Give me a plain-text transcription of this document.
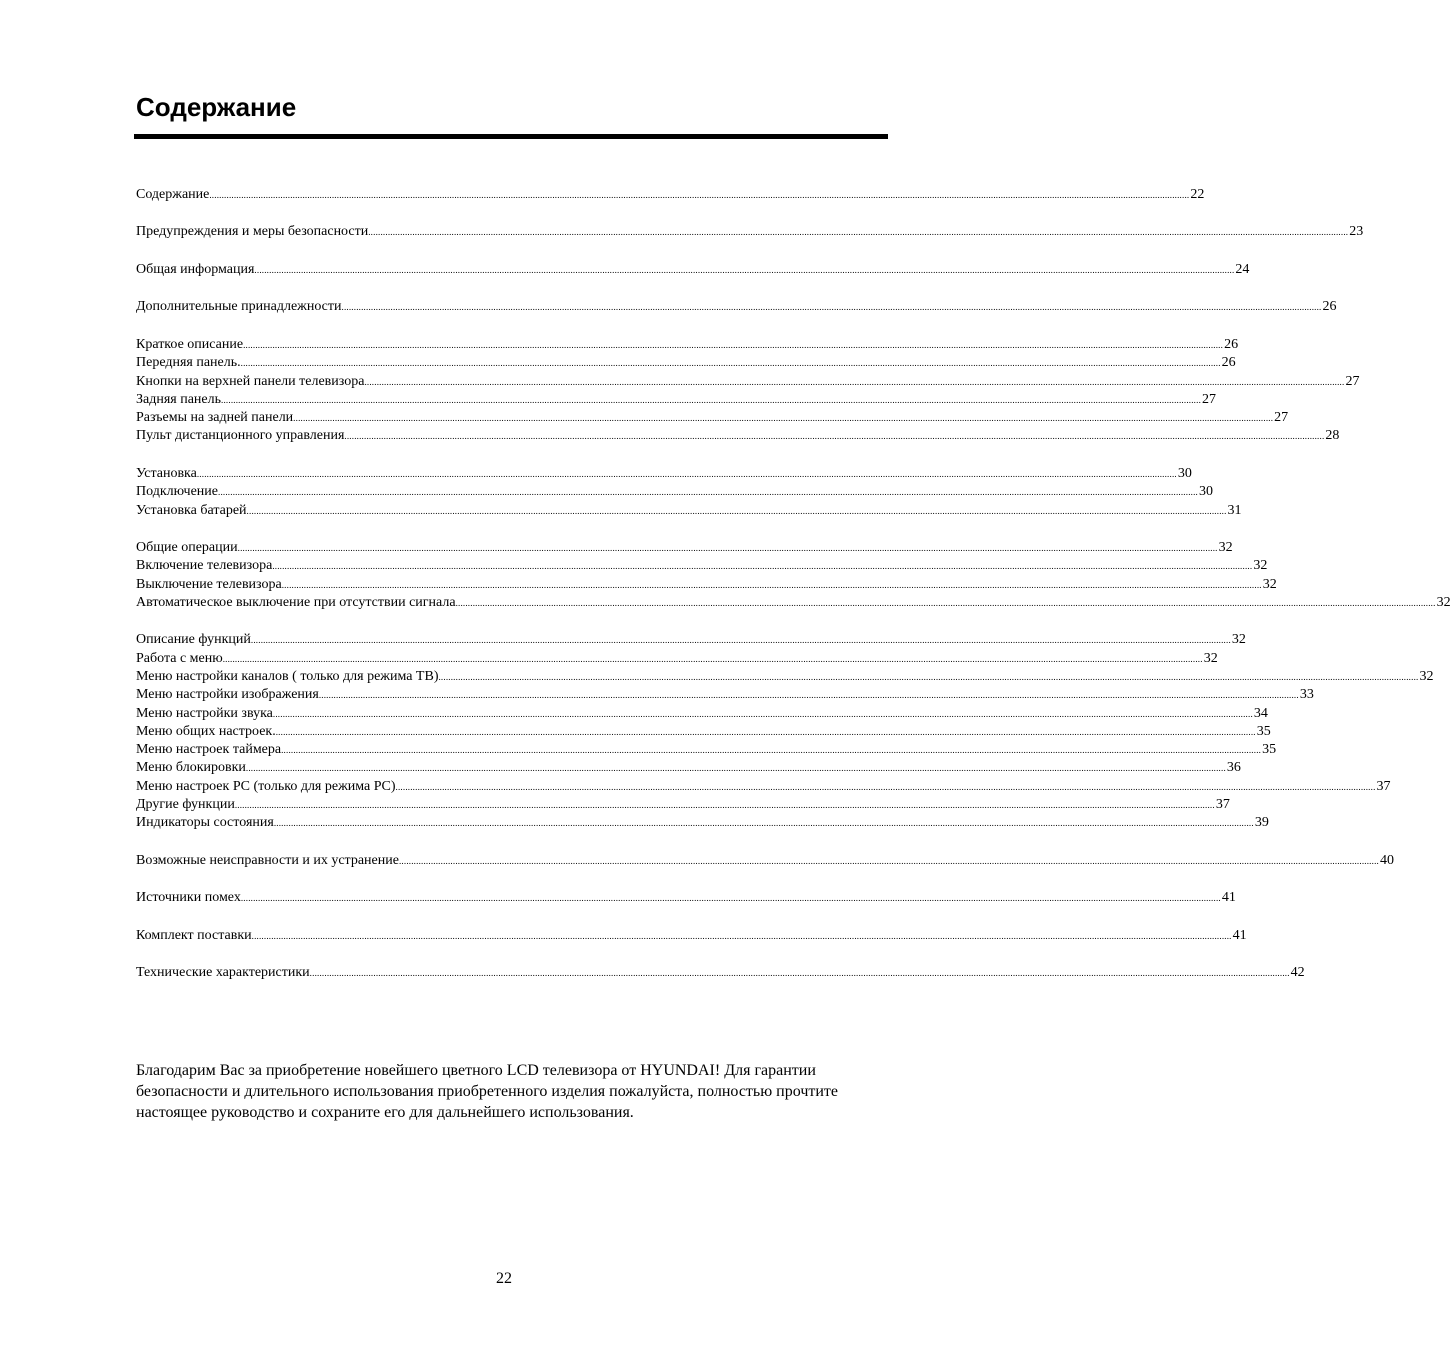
Содержание
Содержание ................................................................................................................................................................................................................................................................................................................................................................................................................ 22
Предупреждения и меры безопасности ................................................................................................................................................................................................................................................................................................................................................................................................................ 23
Общая информация ................................................................................................................................................................................................................................................................................................................................................................................................................ 24
Дополнительные принадлежности ................................................................................................................................................................................................................................................................................................................................................................................................................ 26
Краткое описание ................................................................................................................................................................................................................................................................................................................................................................................................................ 26
Передняя панель. ................................................................................................................................................................................................................................................................................................................................................................................................................ 26
Кнопки на верхней панели телевизора ................................................................................................................................................................................................................................................................................................................................................................................................................ 27
Задняя панель ................................................................................................................................................................................................................................................................................................................................................................................................................ 27
Разъемы на задней панели ................................................................................................................................................................................................................................................................................................................................................................................................................ 27
Пульт дистанционного управления ................................................................................................................................................................................................................................................................................................................................................................................................................ 28
Установка ................................................................................................................................................................................................................................................................................................................................................................................................................ 30
Подключение ................................................................................................................................................................................................................................................................................................................................................................................................................ 30
Установка батарей ................................................................................................................................................................................................................................................................................................................................................................................................................ 31
Общие операции ................................................................................................................................................................................................................................................................................................................................................................................................................ 32
Включение телевизора ................................................................................................................................................................................................................................................................................................................................................................................................................ 32
Выключение телевизора ................................................................................................................................................................................................................................................................................................................................................................................................................ 32
Автоматическое выключение при отсутствии сигнала ................................................................................................................................................................................................................................................................................................................................................................................................................ 32
Описание функций ................................................................................................................................................................................................................................................................................................................................................................................................................ 32
Работа с меню ................................................................................................................................................................................................................................................................................................................................................................................................................ 32
Меню настройки каналов ( только для режима ТВ) ................................................................................................................................................................................................................................................................................................................................................................................................................ 32
Меню настройки изображения ................................................................................................................................................................................................................................................................................................................................................................................................................ 33
Меню настройки звука ................................................................................................................................................................................................................................................................................................................................................................................................................ 34
Меню общих настроек. ................................................................................................................................................................................................................................................................................................................................................................................................................ 35
Меню настроек таймера ................................................................................................................................................................................................................................................................................................................................................................................................................ 35
Меню блокировки ................................................................................................................................................................................................................................................................................................................................................................................................................ 36
Меню настроек PC (только для режима PC) ................................................................................................................................................................................................................................................................................................................................................................................................................ 37
Другие функции ................................................................................................................................................................................................................................................................................................................................................................................................................ 37
Индикаторы состояния ................................................................................................................................................................................................................................................................................................................................................................................................................ 39
Возможные неисправности и их устранение ................................................................................................................................................................................................................................................................................................................................................................................................................ 40
Источники помех ................................................................................................................................................................................................................................................................................................................................................................................................................ 41
Комплект поставки ................................................................................................................................................................................................................................................................................................................................................................................................................ 41
Технические характеристики ................................................................................................................................................................................................................................................................................................................................................................................................................ 42

Благодарим Вас за приобретение новейшего цветного LCD телевизора от HYUNDAI! Для гарантии безопасности и длительного использования приобретенного изделия пожалуйста, полностью прочтите настоящее руководство и сохраните его для дальнейшего использования.

22
